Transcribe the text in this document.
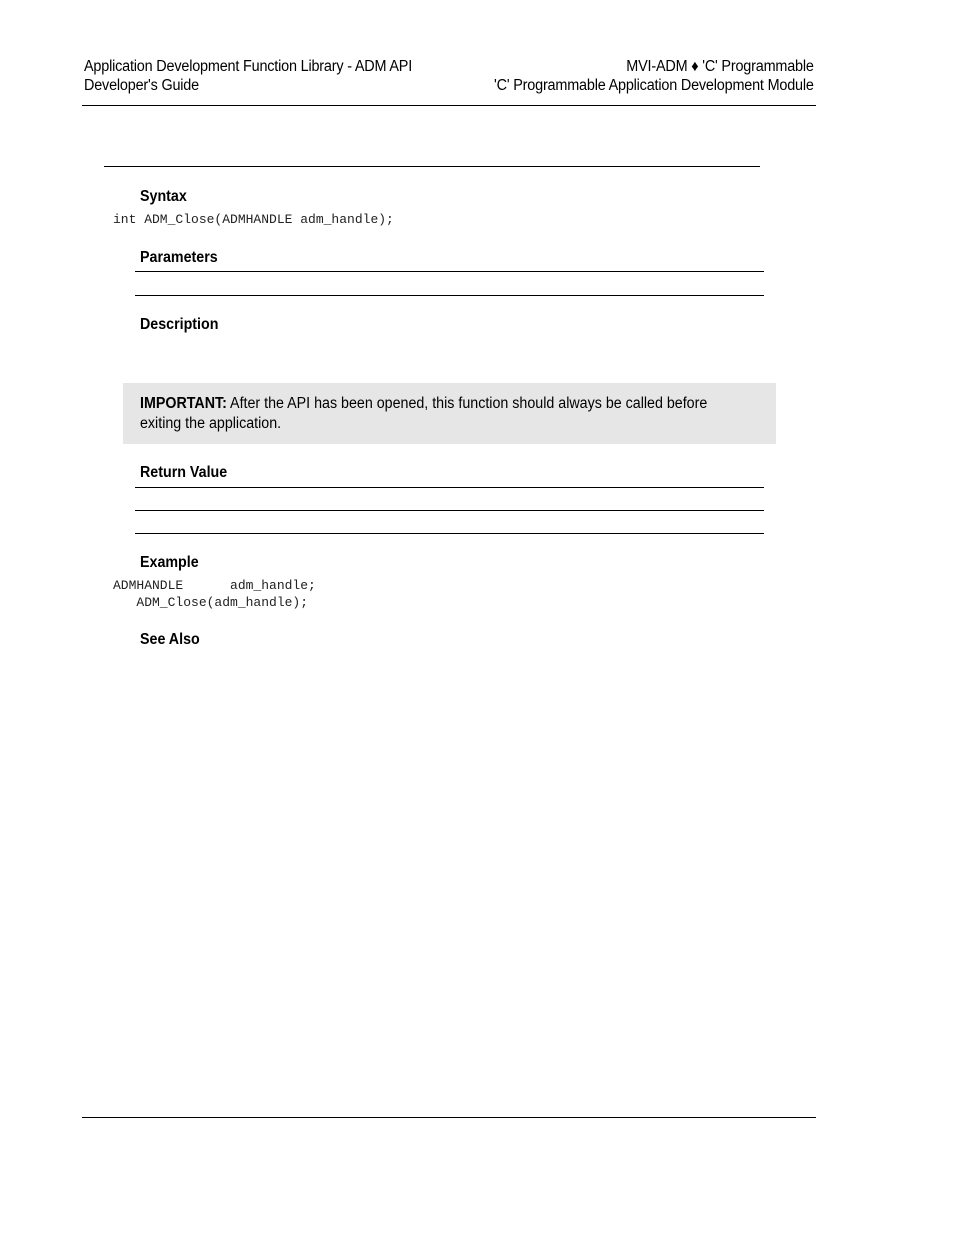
Application Development Function Library - ADM API
Developer's Guide
MVI-ADM ♦ 'C' Programmable
'C' Programmable Application Development Module
Syntax
int ADM_Close(ADMHANDLE adm_handle);
Parameters
Description
IMPORTANT: After the API has been opened, this function should always be called before exiting the application.
Return Value
Example
ADMHANDLE      adm_handle;
ADM_Close(adm_handle);
See Also
